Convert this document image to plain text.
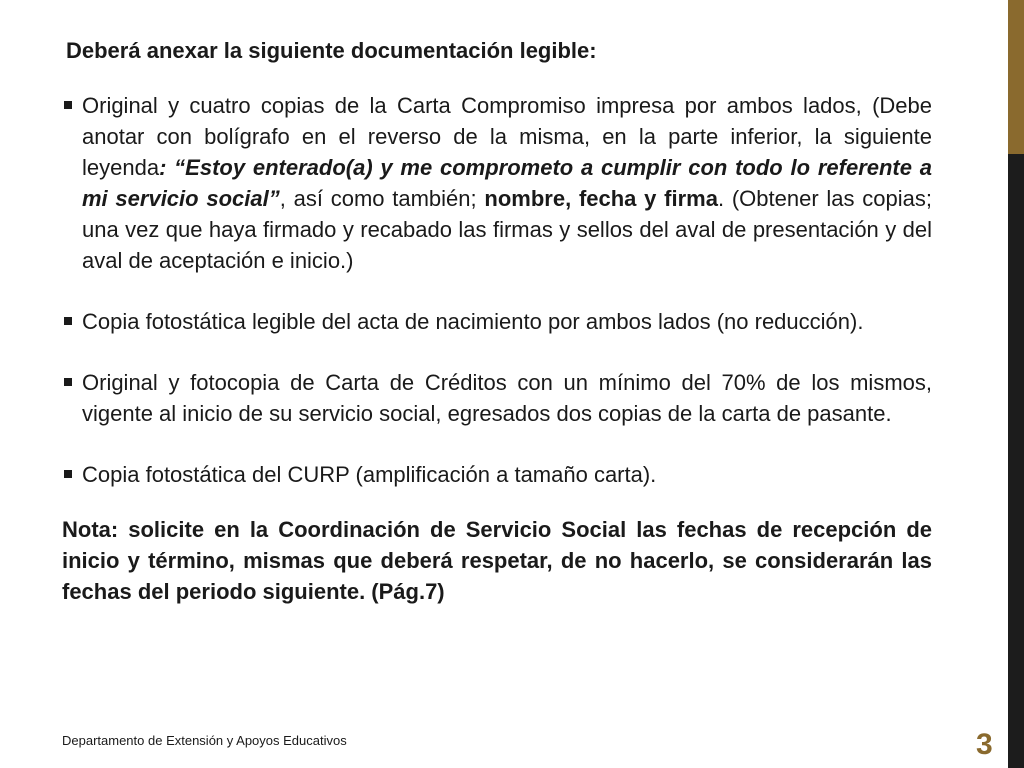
Deberá anexar la siguiente documentación legible:
Original y cuatro copias de la Carta Compromiso impresa por ambos lados, (Debe anotar con bolígrafo en el reverso de la misma, en la parte inferior, la siguiente leyenda: “Estoy enterado(a) y me comprometo a cumplir con todo lo referente a mi servicio social”, así como también; nombre, fecha y firma. (Obtener las copias; una vez que haya firmado y recabado las firmas y sellos del aval de presentación y del aval de aceptación e inicio.)
Copia fotostática legible del acta de nacimiento por ambos lados (no reducción).
Original y fotocopia de Carta de Créditos con un mínimo del 70% de los mismos, vigente al inicio de su servicio social, egresados dos copias de la carta de pasante.
Copia fotostática del CURP (amplificación a tamaño carta).

Nota: solicite en la Coordinación de Servicio Social las fechas de recepción de inicio y término, mismas que deberá respetar, de no hacerlo, se considerarán las fechas del periodo siguiente. (Pág.7)

Departamento de Extensión y Apoyos Educativos	3
